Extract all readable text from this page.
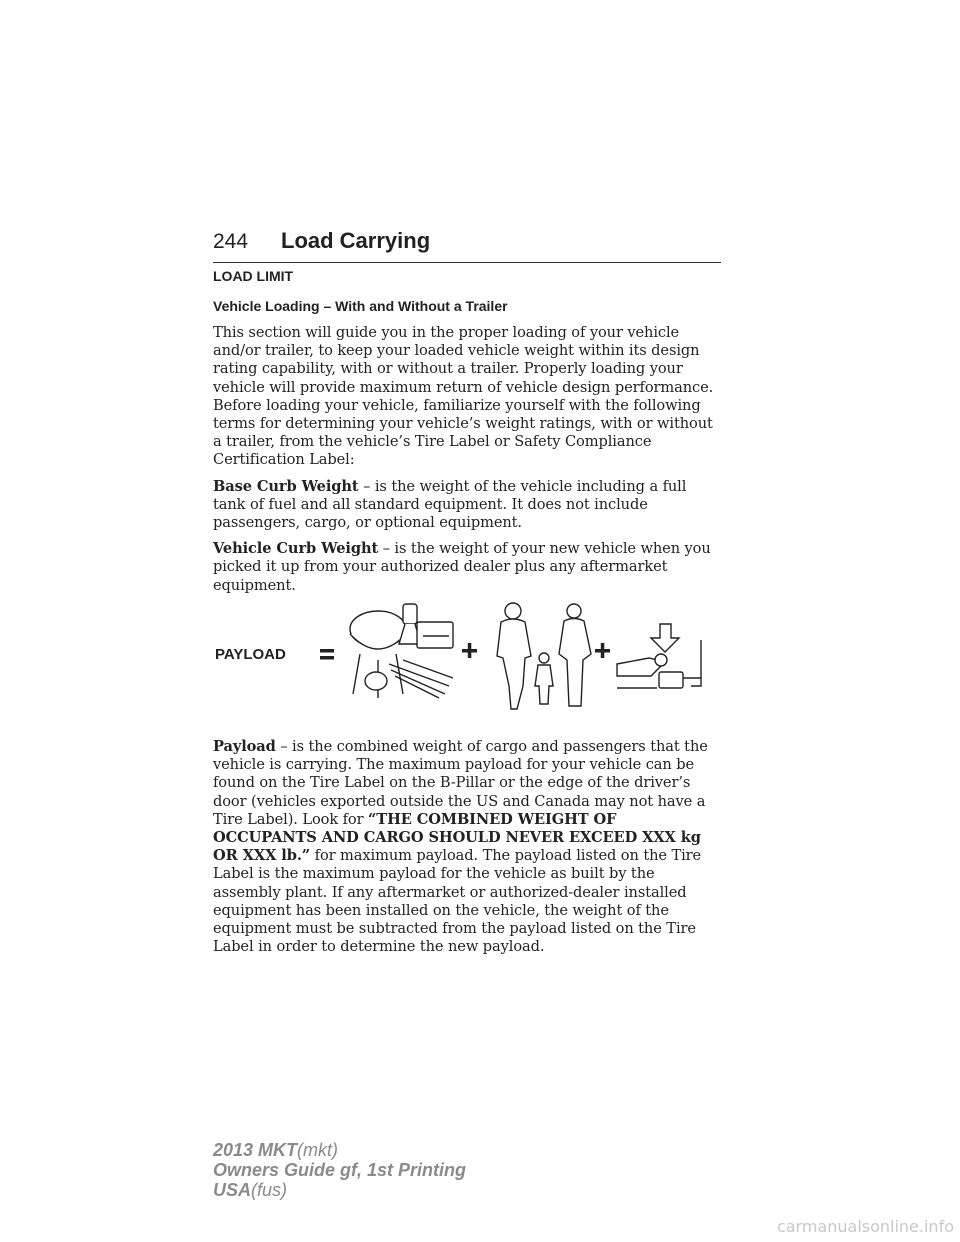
244 Load Carrying
LOAD LIMIT
Vehicle Loading – With and Without a Trailer

This section will guide you in the proper loading of your vehicle and/or trailer, to keep your loaded vehicle weight within its design rating capability, with or without a trailer. Properly loading your vehicle will provide maximum return of vehicle design performance. Before loading your vehicle, familiarize yourself with the following terms for determining your vehicle’s weight ratings, with or without a trailer, from the vehicle’s Tire Label or Safety Compliance Certification Label:

Base Curb Weight – is the weight of the vehicle including a full tank of fuel and all standard equipment. It does not include passengers, cargo, or optional equipment.

Vehicle Curb Weight – is the weight of your new vehicle when you picked it up from your authorized dealer plus any aftermarket equipment.

PAYLOAD

Payload – is the combined weight of cargo and passengers that the vehicle is carrying. The maximum payload for your vehicle can be found on the Tire Label on the B-Pillar or the edge of the driver’s door (vehicles exported outside the US and Canada may not have a Tire Label). Look for “THE COMBINED WEIGHT OF OCCUPANTS AND CARGO SHOULD NEVER EXCEED XXX kg OR XXX lb.” for maximum payload. The payload listed on the Tire Label is the maximum payload for the vehicle as built by the assembly plant. If any aftermarket or authorized-dealer installed equipment has been installed on the vehicle, the weight of the equipment must be subtracted from the payload listed on the Tire Label in order to determine the new payload.

2013 MKT(mkt)
Owners Guide gf, 1st Printing
USA(fus)
carmanualsonline.info
